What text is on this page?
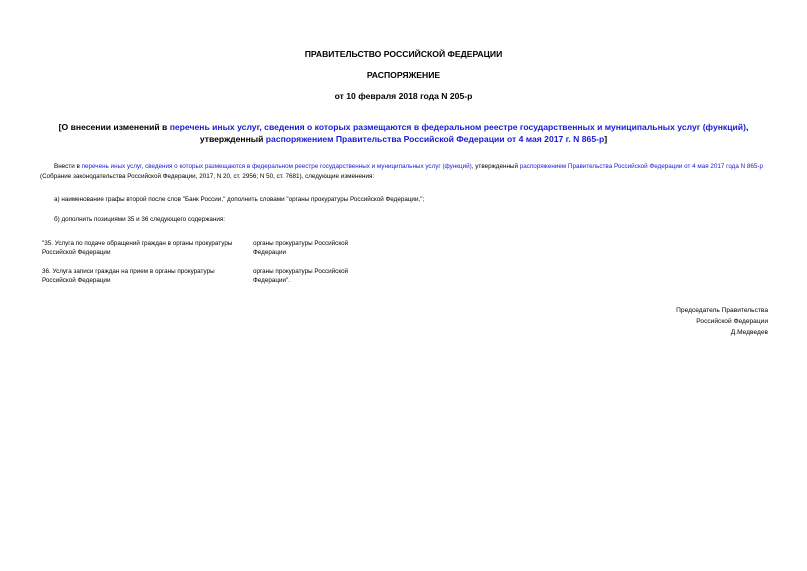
ПРАВИТЕЛЬСТВО РОССИЙСКОЙ ФЕДЕРАЦИИ
РАСПОРЯЖЕНИЕ
от 10 февраля 2018 года N 205-р
[О внесении изменений в перечень иных услуг, сведения о которых размещаются в федеральном реестре государственных и муниципальных услуг (функций), утвержденный распоряжением Правительства Российской Федерации от 4 мая 2017 г. N 865-р]
Внести в перечень иных услуг, сведения о которых размещаются в федеральном реестре государственных и муниципальных услуг (функций), утвержденный распоряжением Правительства Российской Федерации от 4 мая 2017 года N 865-р (Собрание законодательства Российской Федерации, 2017, N 20, ст. 2956; N 50, ст. 7681), следующие изменения:
а) наименование графы второй после слов "Банк России," дополнить словами "органы прокуратуры Российской Федерации,";
б) дополнить позициями 35 и 36 следующего содержания:
"35. Услуга по подаче обращений граждан в органы прокуратуры
Российской Федерации
органы прокуратуры Российской
Федерации
36. Услуга записи граждан на прием в органы прокуратуры
Российской Федерации
органы прокуратуры Российской
Федерации".
Председатель Правительства
Российской Федерации
Д.Медведев
